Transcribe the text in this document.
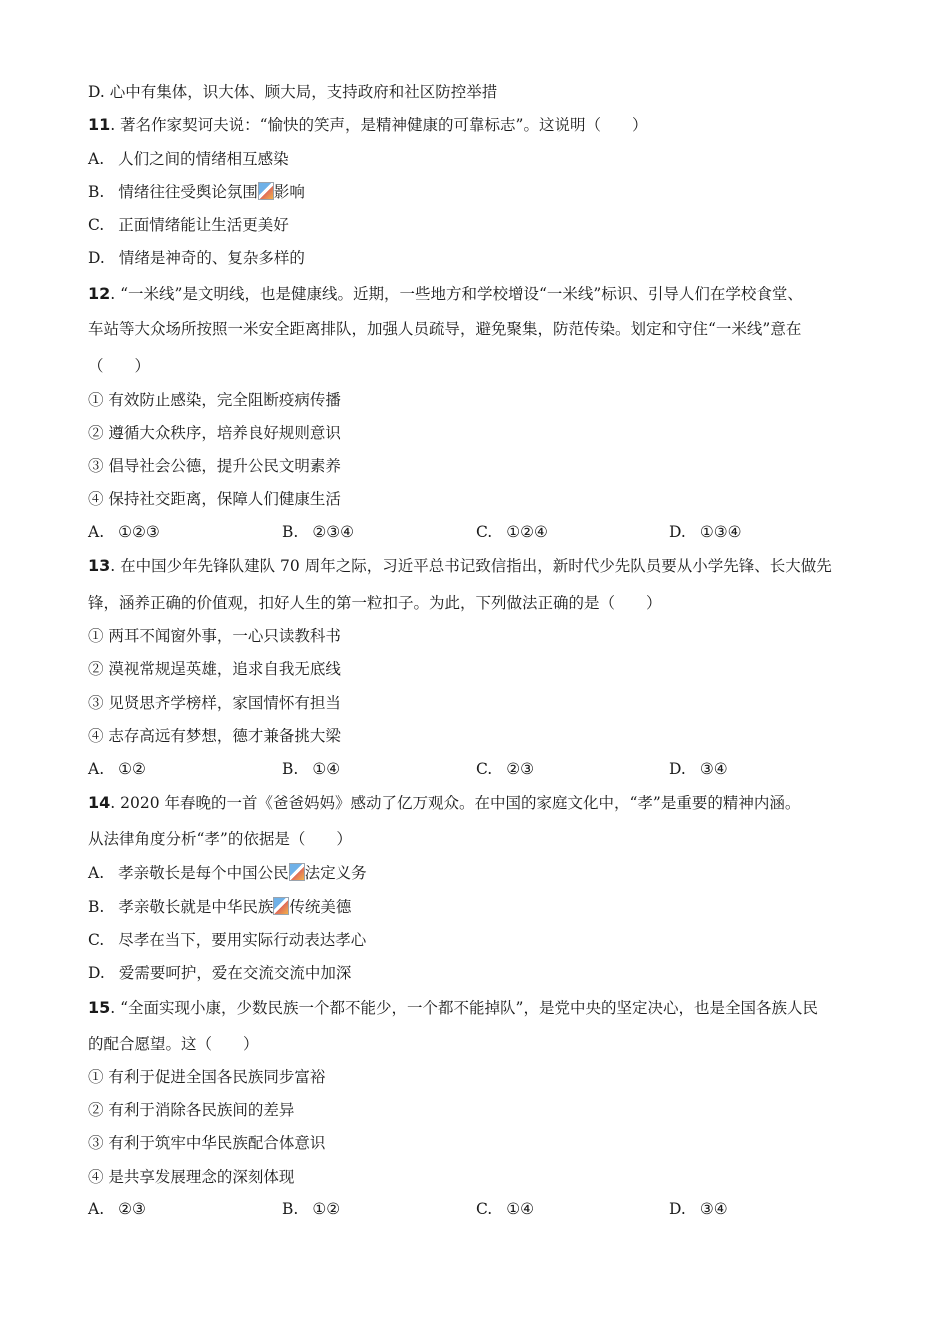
D. 心中有集体，识大体、顾大局，支持政府和社区防控举措
11. 著名作家契诃夫说：“愉快的笑声，是精神健康的可靠标志”。这说明（　　）
A. 人们之间的情绪相互感染
B. 情绪往往受舆论氛围 影响
C. 正面情绪能让生活更美好
D. 情绪是神奇的、复杂多样的
12. “一米线”是文明线，也是健康线。近期，一些地方和学校增设“一米线”标识、引导人们在学校食堂、
车站等大众场所按照一米安全距离排队，加强人员疏导，避免聚集，防范传染。划定和守住“一米线”意在
（　　）
① 有效防止感染，完全阻断疫病传播
② 遵循大众秩序，培养良好规则意识
③ 倡导社会公德，提升公民文明素养
④ 保持社交距离，保障人们健康生活
A. ①②③	B. ②③④	C. ①②④	D. ①③④
13. 在中国少年先锋队建队 70 周年之际，习近平总书记致信指出，新时代少先队员要从小学先锋、长大做先
锋，涵养正确的价值观，扣好人生的第一粒扣子。为此，下列做法正确的是（　　）
① 两耳不闻窗外事，一心只读教科书
② 漠视常规逞英雄，追求自我无底线
③ 见贤思齐学榜样，家国情怀有担当
④ 志存高远有梦想，德才兼备挑大梁
A. ①②	B. ①④	C. ②③	D. ③④
14. 2020 年春晚的一首《爸爸妈妈》感动了亿万观众。在中国的家庭文化中，“孝”是重要的精神内涵。
从法律角度分析“孝”的依据是（　　）
A. 孝亲敬长是每个中国公民 法定义务
B. 孝亲敬长就是中华民族 传统美德
C. 尽孝在当下，要用实际行动表达孝心
D. 爱需要呵护，爱在交流交流中加深
15. “全面实现小康，少数民族一个都不能少，一个都不能掉队”，是党中央的坚定决心，也是全国各族人民
的配合愿望。这（　　）
① 有利于促进全国各民族同步富裕
② 有利于消除各民族间的差异
③ 有利于筑牢中华民族配合体意识
④ 是共享发展理念的深刻体现
A. ②③	B. ①②	C. ①④	D. ③④
